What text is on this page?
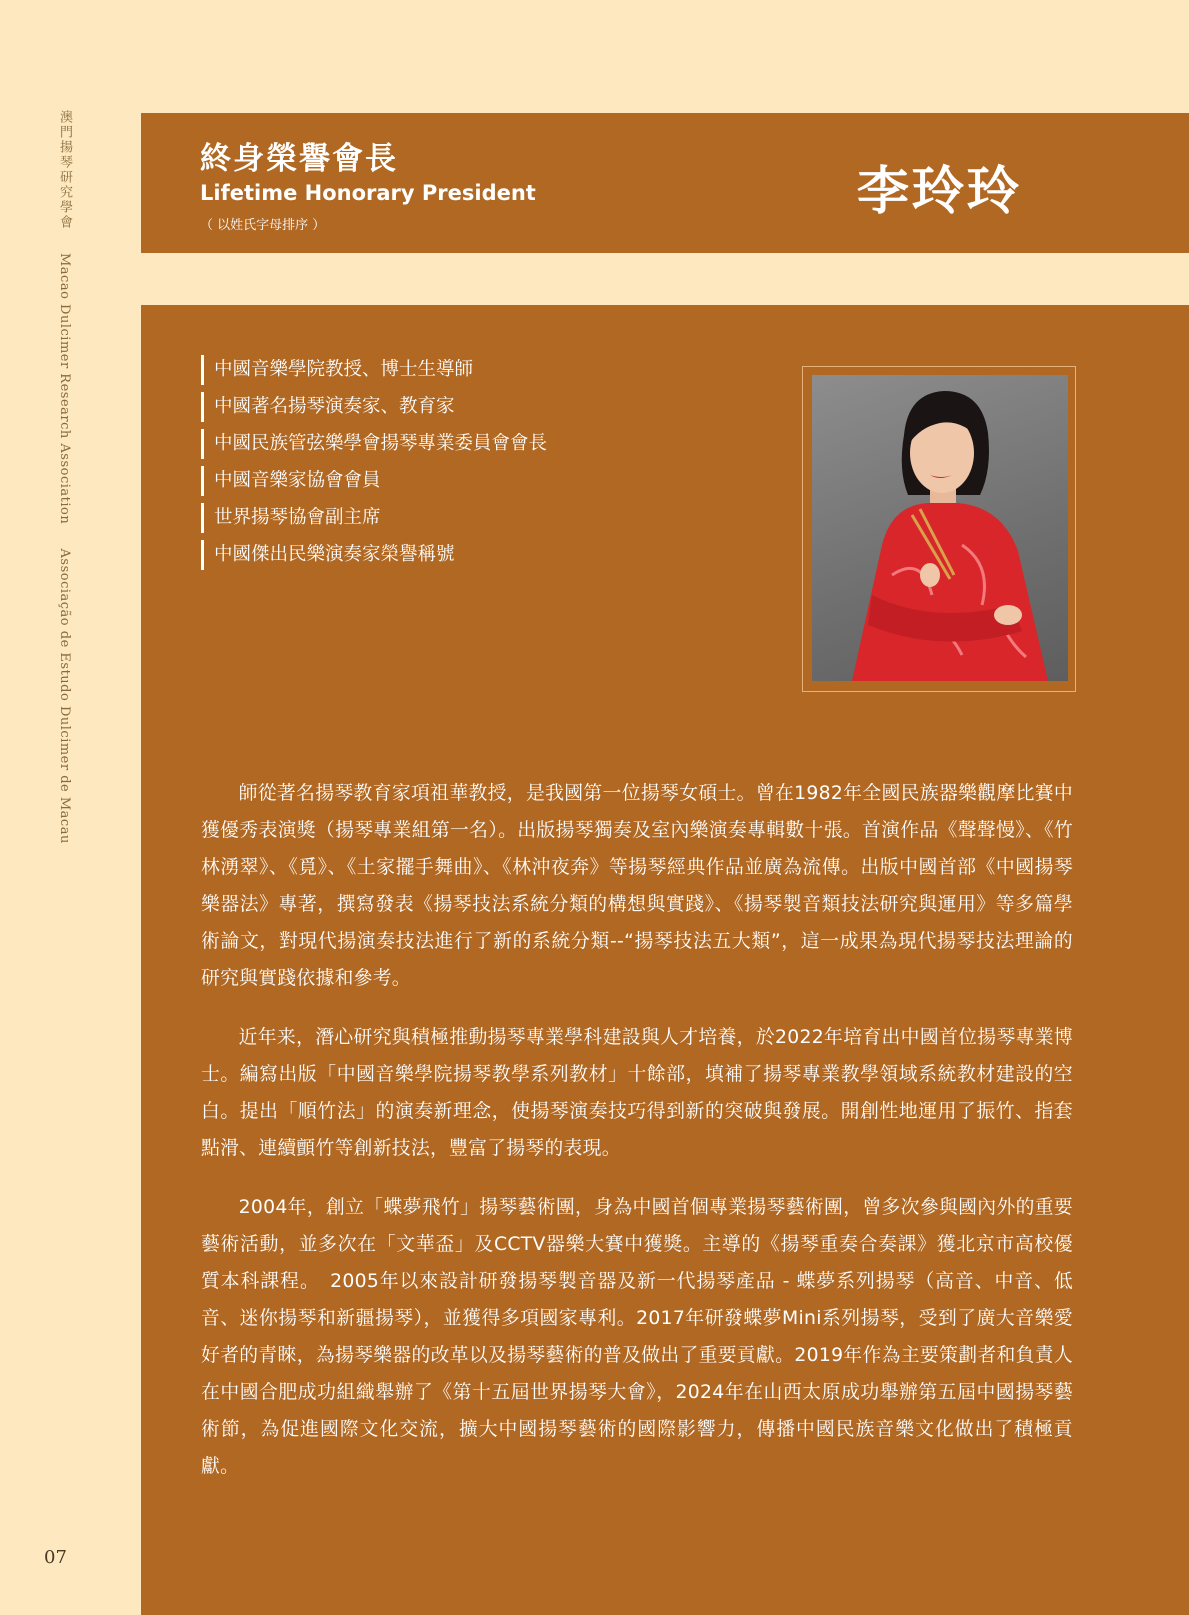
澳門揚琴研究學會 Macao Dulcimer Research Association Associação de Estudo Dulcimer de Macau
07
終身榮譽會長
Lifetime Honorary President
（ 以姓氏字母排序 ）
李玲玲
中國音樂學院教授、博士生導師
中國著名揚琴演奏家、教育家
中國民族管弦樂學會揚琴專業委員會會長
中國音樂家協會會員
世界揚琴協會副主席
中國傑出民樂演奏家榮譽稱號

師從著名揚琴教育家項祖華教授，是我國第一位揚琴女碩士。曾在1982年全國民族器樂觀摩比賽中獲優秀表演獎（揚琴專業組第一名）。出版揚琴獨奏及室內樂演奏專輯數十張。首演作品《聲聲慢》、《竹林湧翠》、《覓》、《土家擺手舞曲》、《林沖夜奔》等揚琴經典作品並廣為流傳。出版中國首部《中國揚琴樂器法》專著，撰寫發表《揚琴技法系統分類的構想與實踐》、《揚琴製音類技法研究與運用》等多篇學術論文，對現代揚演奏技法進行了新的系統分類--“揚琴技法五大類”，這一成果為現代揚琴技法理論的研究與實踐依據和參考。

近年来，潛心研究與積極推動揚琴專業學科建設與人才培養，於2022年培育出中國首位揚琴專業博士。編寫出版「中國音樂學院揚琴教學系列教材」十餘部，填補了揚琴專業教學領域系統教材建設的空白。提出「順竹法」的演奏新理念，使揚琴演奏技巧得到新的突破與發展。開創性地運用了振竹、指套點滑、連續顫竹等創新技法，豐富了揚琴的表現。

2004年，創立「蝶夢飛竹」揚琴藝術團，身為中國首個專業揚琴藝術團，曾多次參與國內外的重要藝術活動，並多次在「文華盃」及CCTV器樂大賽中獲獎。主導的《揚琴重奏合奏課》獲北京市高校優質本科課程。　2005年以來設計研發揚琴製音器及新一代揚琴產品 - 蝶夢系列揚琴（高音、中音、低音、迷你揚琴和新疆揚琴），並獲得多項國家專利。2017年研發蝶夢Mini系列揚琴，受到了廣大音樂愛好者的青睞，為揚琴樂器的改革以及揚琴藝術的普及做出了重要貢獻。2019年作為主要策劃者和負責人在中國合肥成功組織舉辦了《第十五屆世界揚琴大會》，2024年在山西太原成功舉辦第五屆中國揚琴藝術節，為促進國際文化交流，擴大中國揚琴藝術的國際影響力，傳播中國民族音樂文化做出了積極貢獻。
